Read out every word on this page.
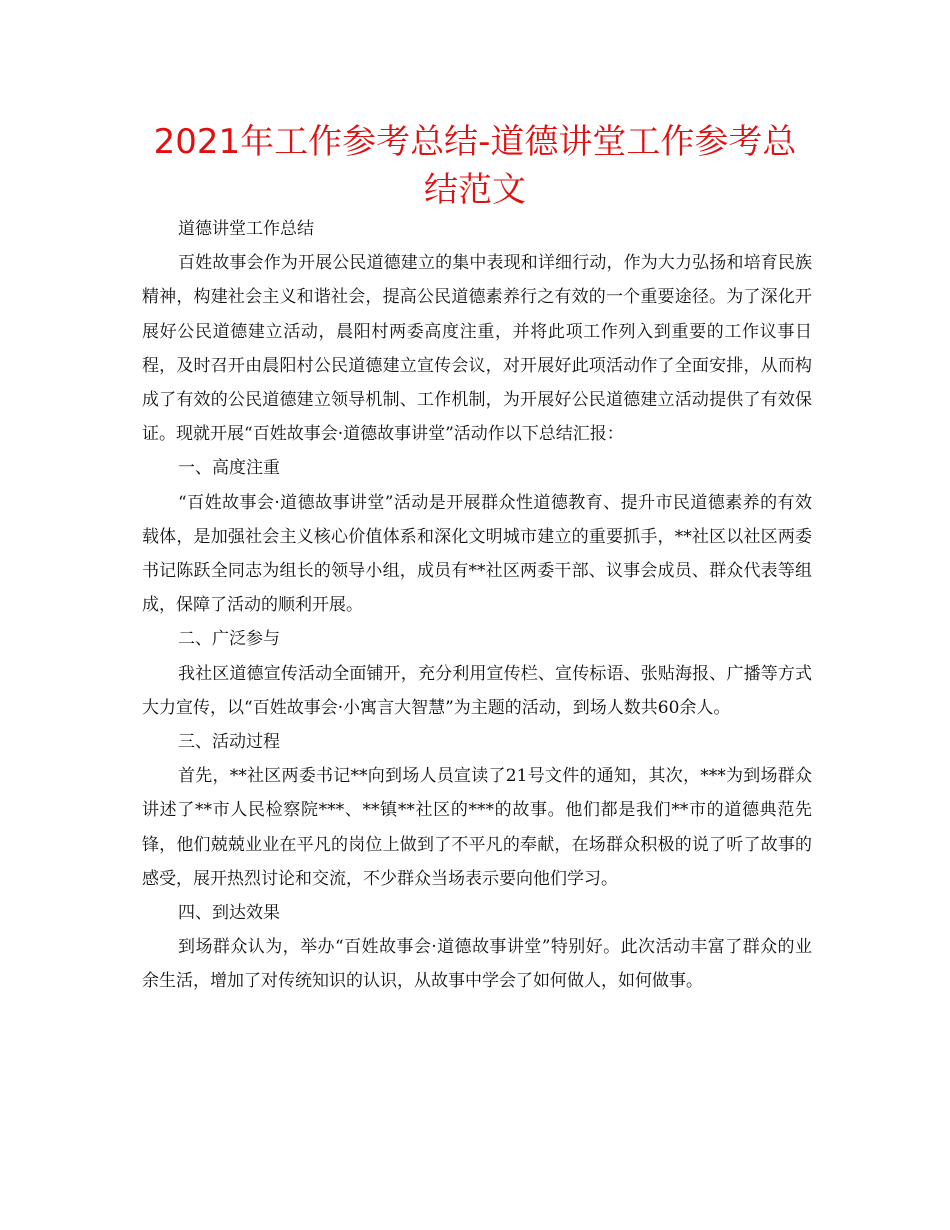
2021年工作参考总结-道德讲堂工作参考总结范文

道德讲堂工作总结

百姓故事会作为开展公民道德建立的集中表现和详细行动，作为大力弘扬和培育民族精神，构建社会主义和谐社会，提高公民道德素养行之有效的一个重要途径。为了深化开展好公民道德建立活动，晨阳村两委高度注重，并将此项工作列入到重要的工作议事日程，及时召开由晨阳村公民道德建立宣传会议，对开展好此项活动作了全面安排，从而构成了有效的公民道德建立领导机制、工作机制，为开展好公民道德建立活动提供了有效保证。现就开展“百姓故事会·道德故事讲堂”活动作以下总结汇报：

一、高度注重

“百姓故事会·道德故事讲堂”活动是开展群众性道德教育、提升市民道德素养的有效载体，是加强社会主义核心价值体系和深化文明城市建立的重要抓手，**社区以社区两委书记陈跃全同志为组长的领导小组，成员有**社区两委干部、议事会成员、群众代表等组成，保障了活动的顺利开展。

二、广泛参与

我社区道德宣传活动全面铺开，充分利用宣传栏、宣传标语、张贴海报、广播等方式大力宣传，以“百姓故事会·小寓言大智慧”为主题的活动，到场人数共60余人。

三、活动过程

首先，**社区两委书记**向到场人员宣读了21号文件的通知，其次，***为到场群众讲述了**市人民检察院***、**镇**社区的***的故事。他们都是我们**市的道德典范先锋，他们兢兢业业在平凡的岗位上做到了不平凡的奉献，在场群众积极的说了听了故事的感受，展开热烈讨论和交流，不少群众当场表示要向他们学习。

四、到达效果

到场群众认为，举办“百姓故事会·道德故事讲堂”特别好。此次活动丰富了群众的业余生活，增加了对传统知识的认识，从故事中学会了如何做人，如何做事。
